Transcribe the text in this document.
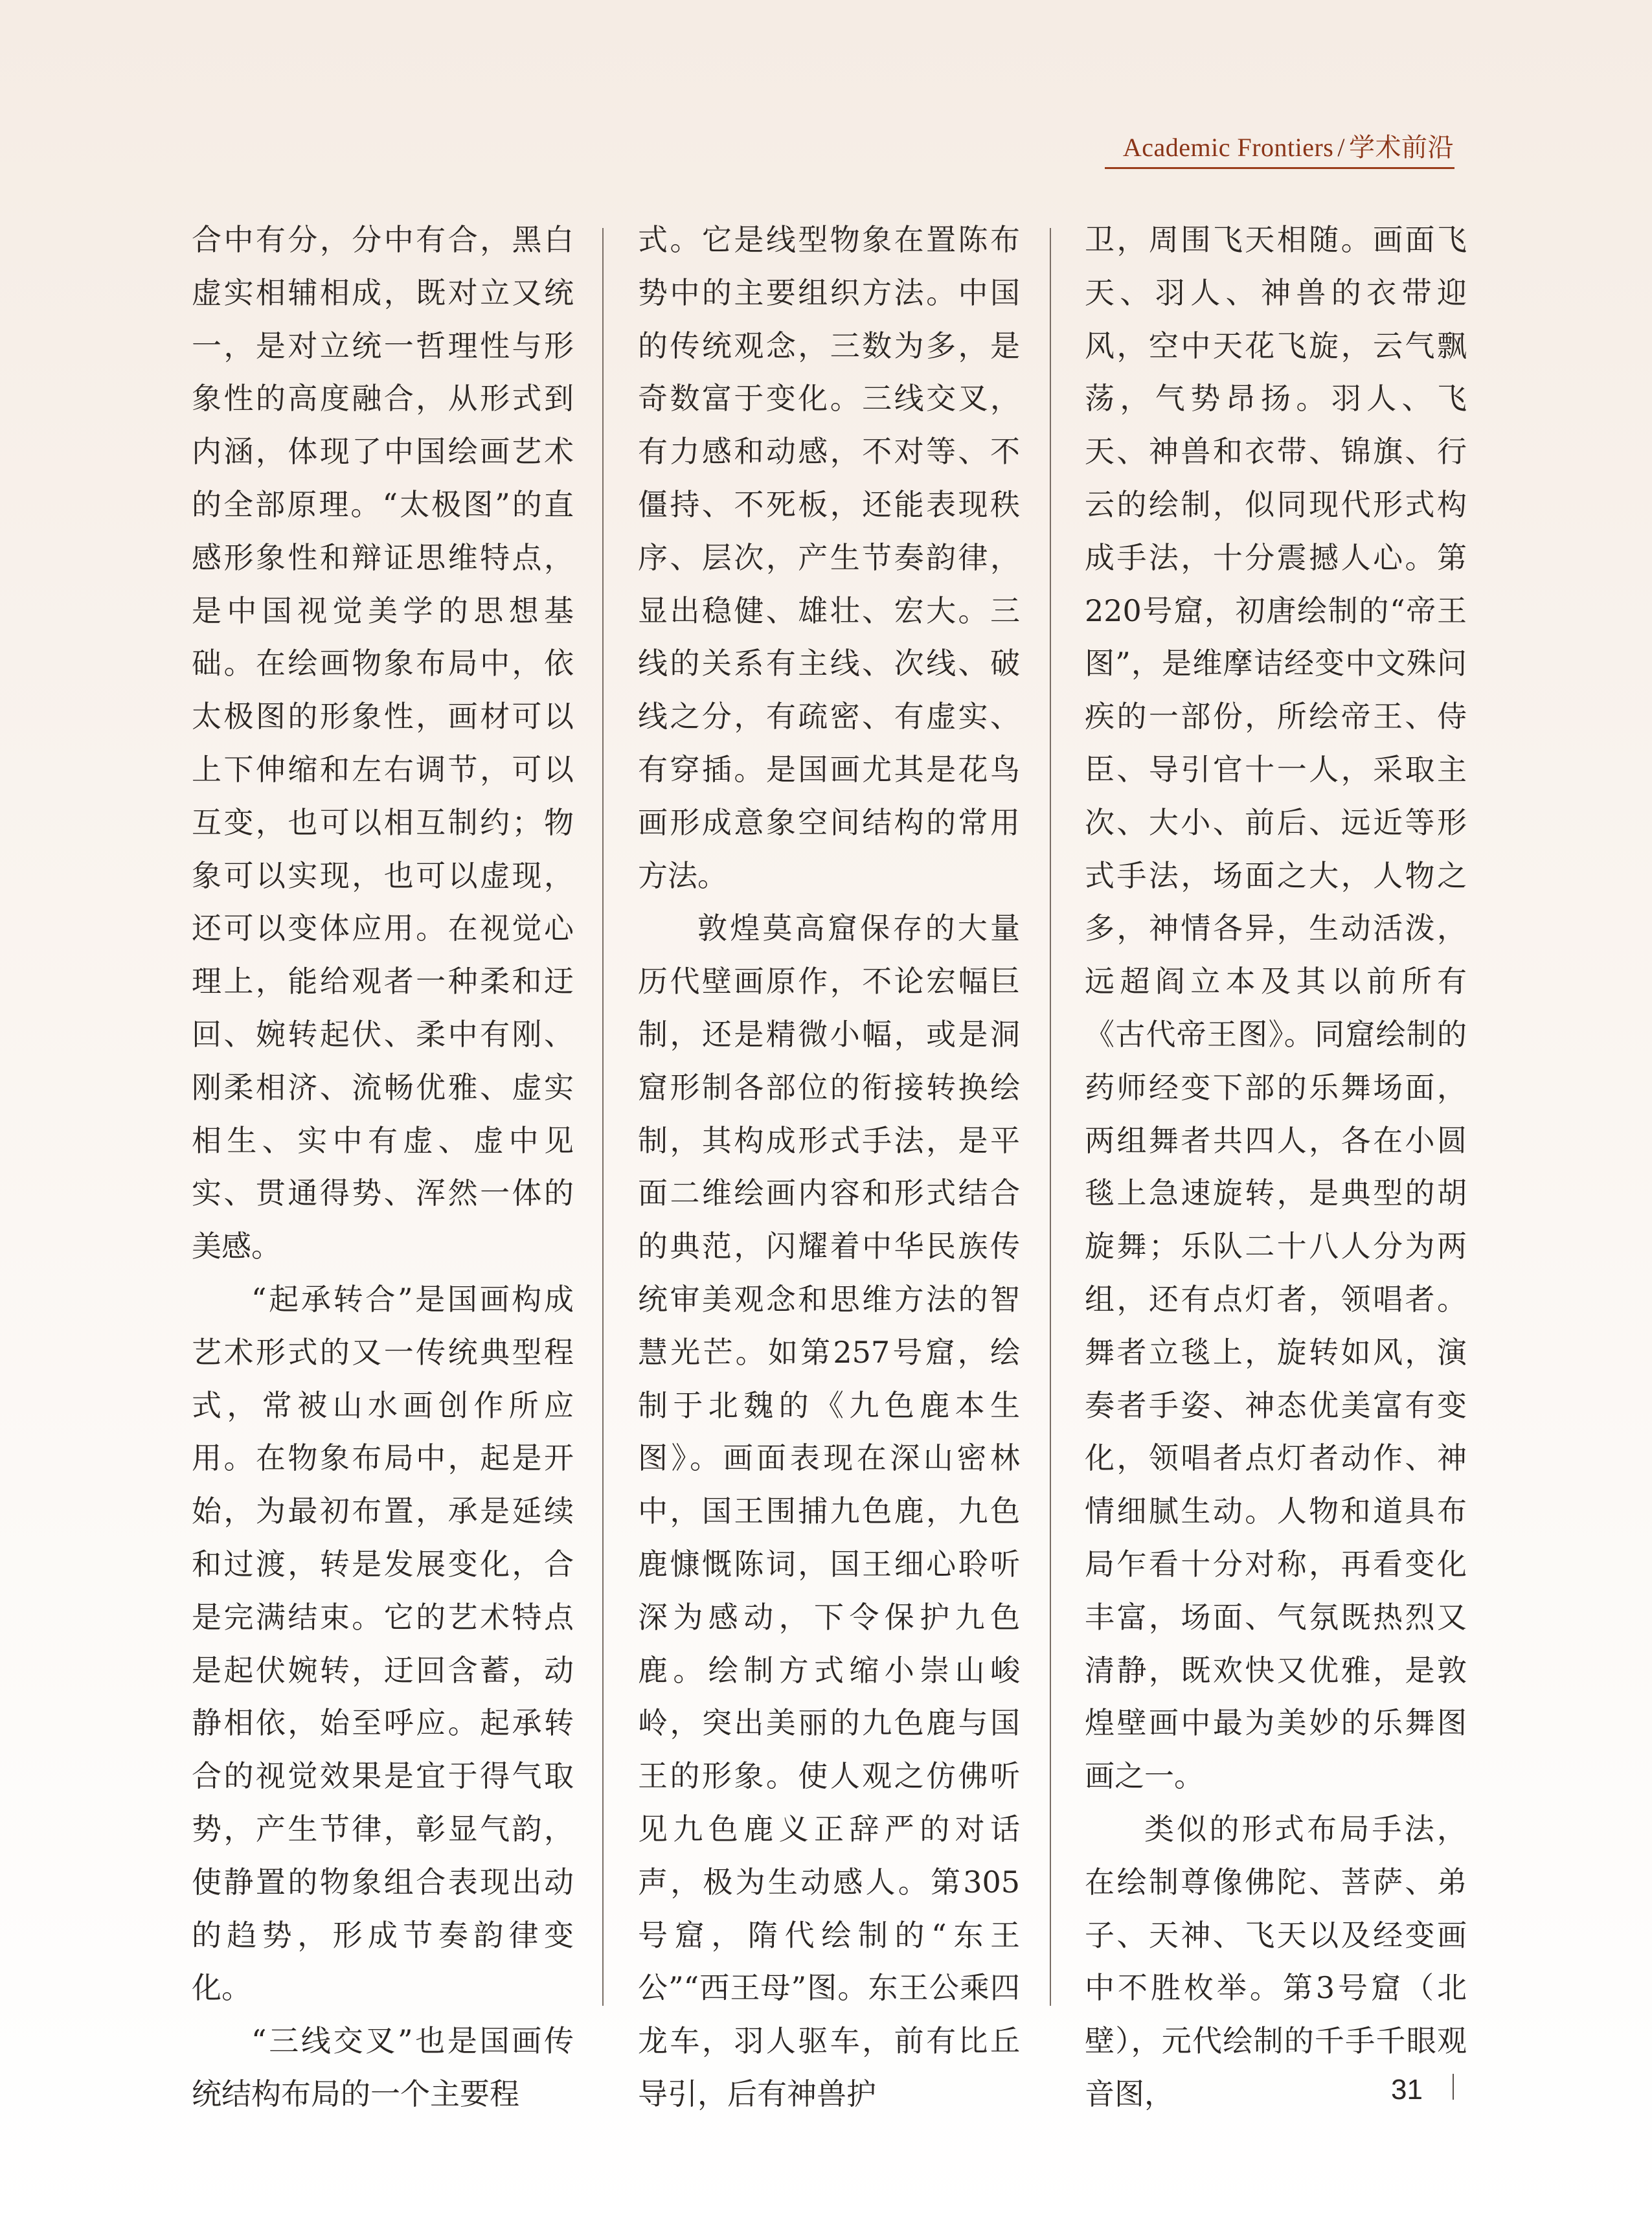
Academic Frontiers / 学术前沿

合中有分，分中有合，黑白虚实相辅相成，既对立又统一，是对立统一哲理性与形象性的高度融合，从形式到内涵，体现了中国绘画艺术的全部原理。“太极图”的直感形象性和辩证思维特点，是中国视觉美学的思想基础。在绘画物象布局中，依太极图的形象性，画材可以上下伸缩和左右调节，可以互变，也可以相互制约；物象可以实现，也可以虚现，还可以变体应用。在视觉心理上，能给观者一种柔和迂回、婉转起伏、柔中有刚、刚柔相济、流畅优雅、虚实相生、实中有虚、虚中见实、贯通得势、浑然一体的美感。

“起承转合”是国画构成艺术形式的又一传统典型程式，常被山水画创作所应用。在物象布局中，起是开始，为最初布置，承是延续和过渡，转是发展变化，合是完满结束。它的艺术特点是起伏婉转，迂回含蓄，动静相依，始至呼应。起承转合的视觉效果是宜于得气取势，产生节律，彰显气韵，使静置的物象组合表现出动的趋势，形成节奏韵律变化。

“三线交叉”也是国画传统结构布局的一个主要程

式。它是线型物象在置陈布势中的主要组织方法。中国的传统观念，三数为多，是奇数富于变化。三线交叉，有力感和动感，不对等、不僵持、不死板，还能表现秩序、层次，产生节奏韵律，显出稳健、雄壮、宏大。三线的关系有主线、次线、破线之分，有疏密、有虚实、有穿插。是国画尤其是花鸟画形成意象空间结构的常用方法。

敦煌莫高窟保存的大量历代壁画原作，不论宏幅巨制，还是精微小幅，或是洞窟形制各部位的衔接转换绘制，其构成形式手法，是平面二维绘画内容和形式结合的典范，闪耀着中华民族传统审美观念和思维方法的智慧光芒。如第257号窟，绘制于北魏的《九色鹿本生图》。画面表现在深山密林中，国王围捕九色鹿，九色鹿慷慨陈词，国王细心聆听深为感动，下令保护九色鹿。绘制方式缩小崇山峻岭，突出美丽的九色鹿与国王的形象。使人观之仿佛听见九色鹿义正辞严的对话声，极为生动感人。第305号窟，隋代绘制的“东王公”“西王母”图。东王公乘四龙车，羽人驱车，前有比丘导引，后有神兽护

卫，周围飞天相随。画面飞天、羽人、神兽的衣带迎风，空中天花飞旋，云气飘荡，气势昂扬。羽人、飞天、神兽和衣带、锦旗、行云的绘制，似同现代形式构成手法，十分震撼人心。第220号窟，初唐绘制的“帝王图”，是维摩诘经变中文殊问疾的一部份，所绘帝王、侍臣、导引官十一人，采取主次、大小、前后、远近等形式手法，场面之大，人物之多，神情各异，生动活泼，远超阎立本及其以前所有《古代帝王图》。同窟绘制的药师经变下部的乐舞场面，两组舞者共四人，各在小圆毯上急速旋转，是典型的胡旋舞；乐队二十八人分为两组，还有点灯者，领唱者。舞者立毯上，旋转如风，演奏者手姿、神态优美富有变化，领唱者点灯者动作、神情细腻生动。人物和道具布局乍看十分对称，再看变化丰富，场面、气氛既热烈又清静，既欢快又优雅，是敦煌壁画中最为美妙的乐舞图画之一。

类似的形式布局手法，在绘制尊像佛陀、菩萨、弟子、天神、飞天以及经变画中不胜枚举。第3号窟（北壁），元代绘制的千手千眼观音图，	31
